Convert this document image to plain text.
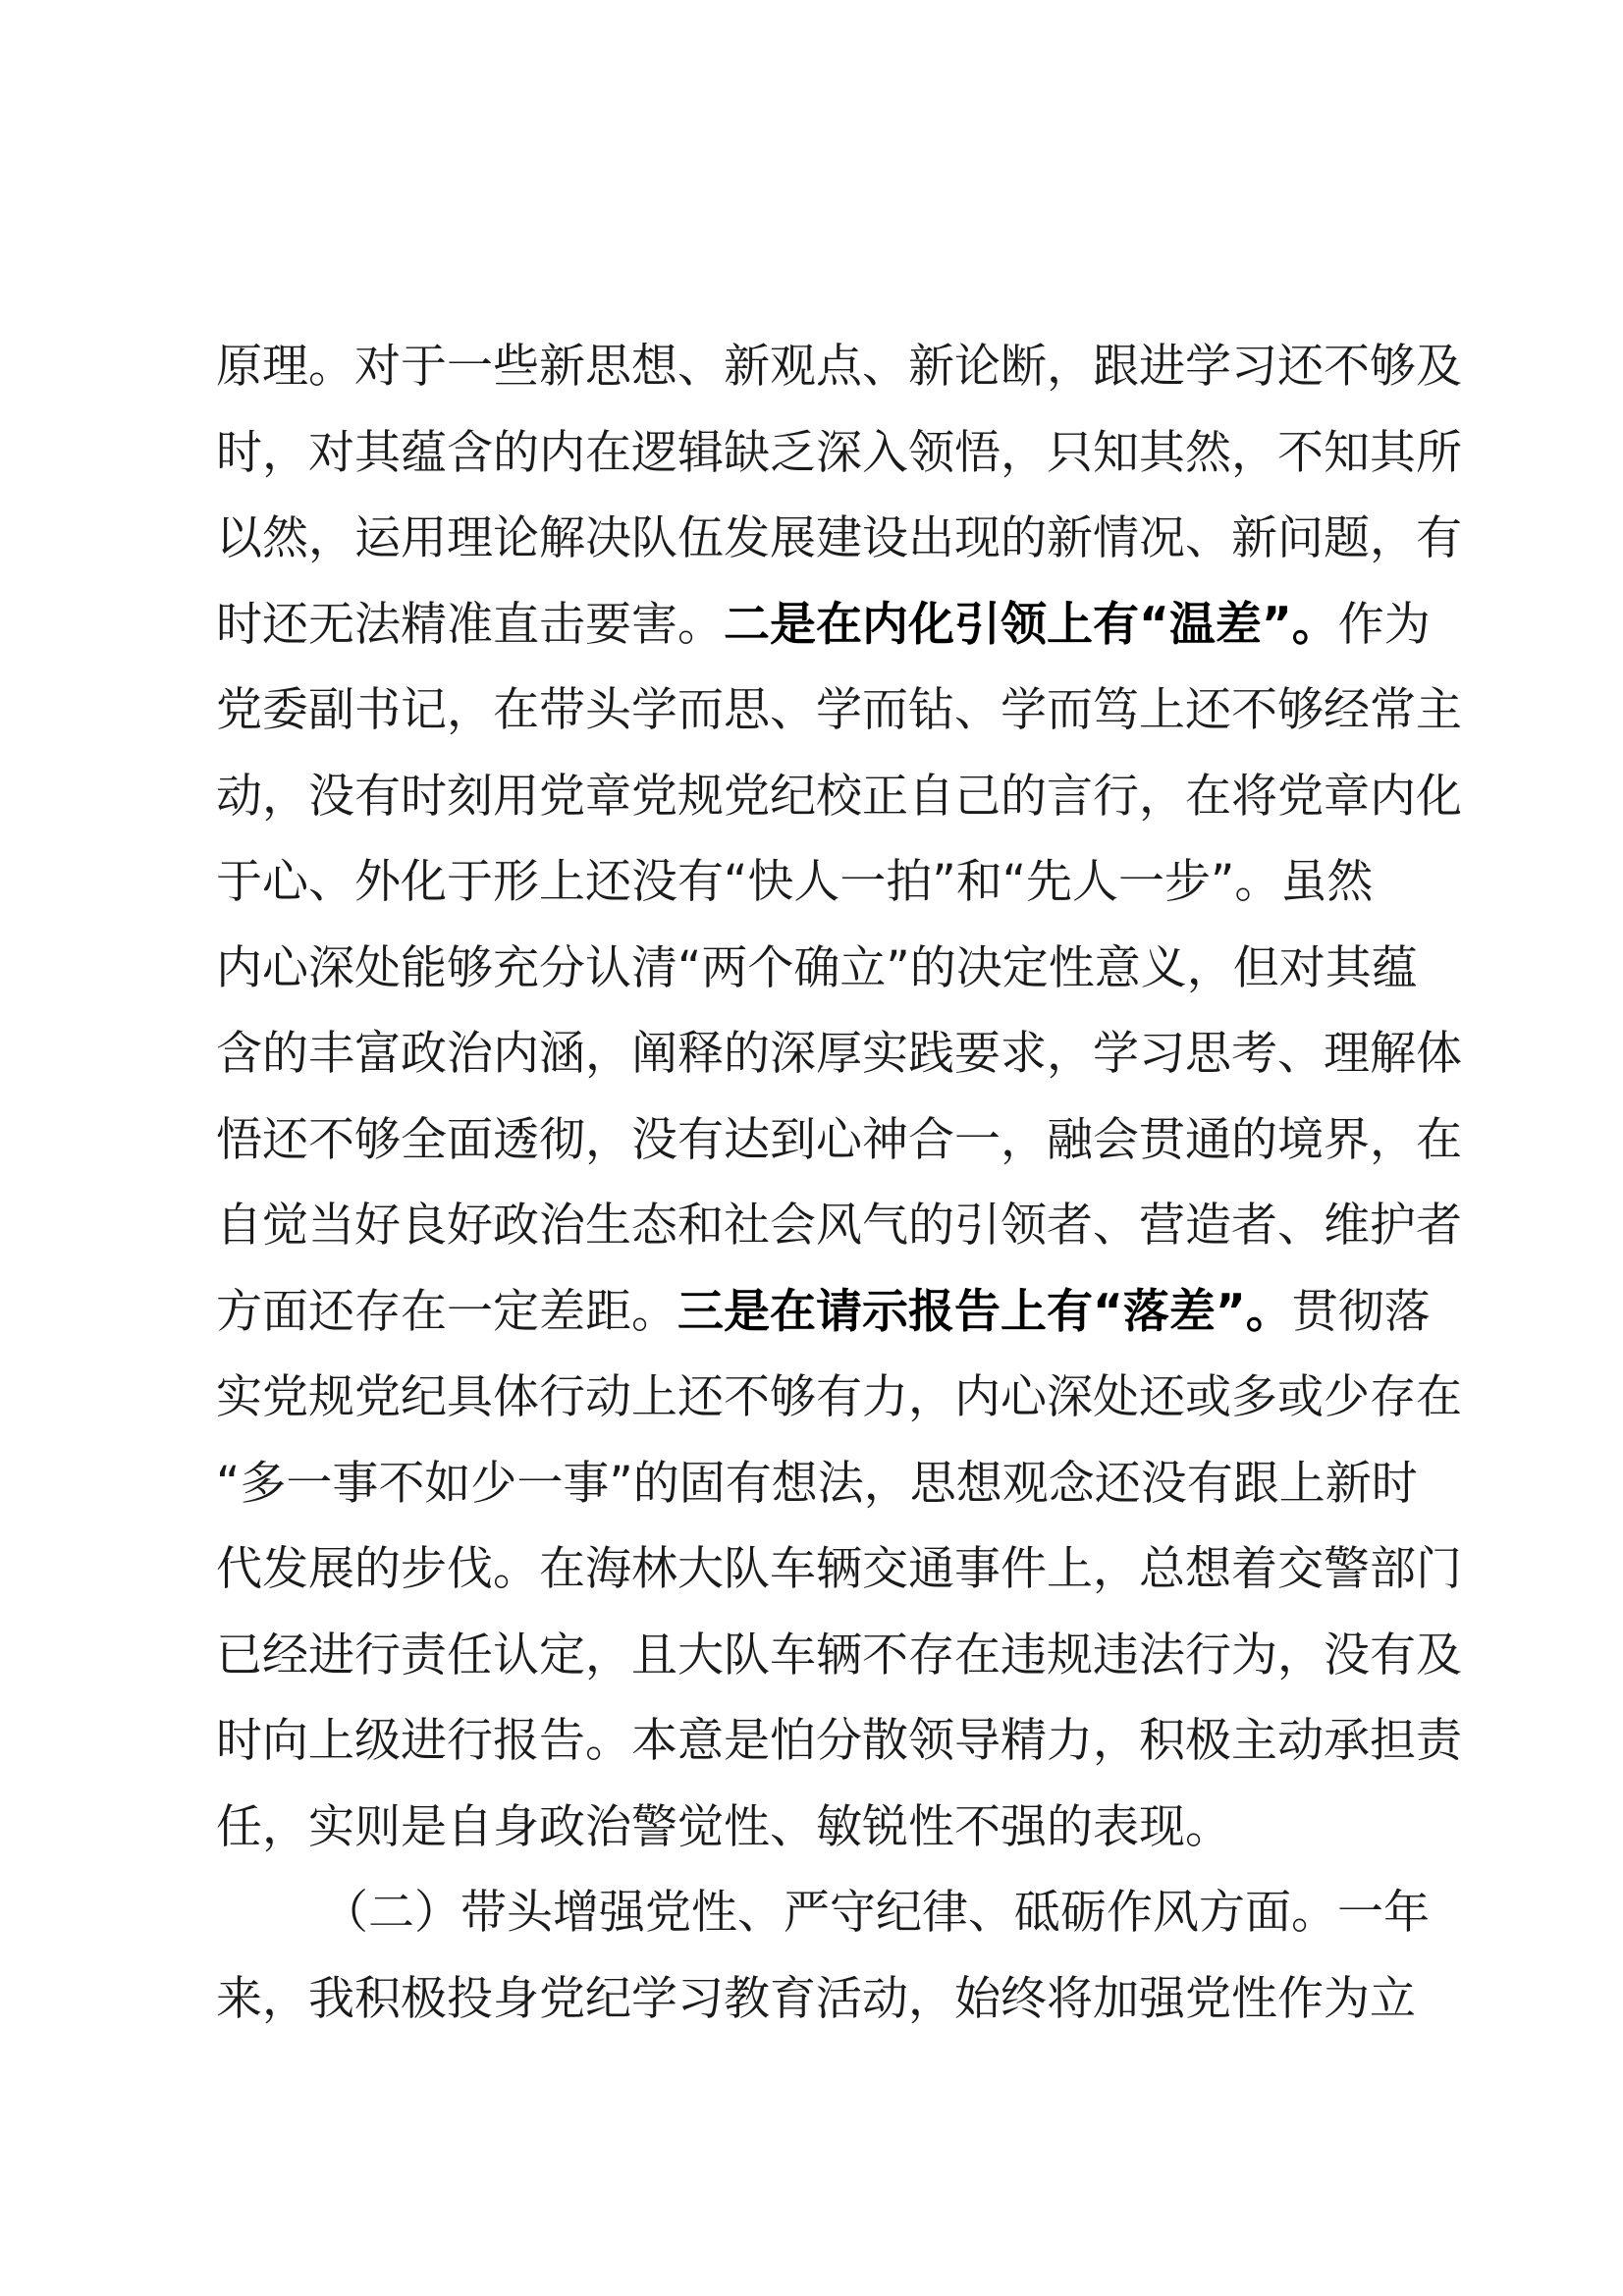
原理。对于一些新思想、新观点、新论断，跟进学习还不够及
时，对其蕴含的内在逻辑缺乏深入领悟，只知其然，不知其所
以然，运用理论解决队伍发展建设出现的新情况、新问题，有
时还无法精准直击要害。二是在内化引领上有“温差”。作为
党委副书记，在带头学而思、学而钻、学而笃上还不够经常主
动，没有时刻用党章党规党纪校正自己的言行，在将党章内化
于心、外化于形上还没有“快人一拍”和“先人一步”。虽然
内心深处能够充分认清“两个确立”的决定性意义，但对其蕴
含的丰富政治内涵，阐释的深厚实践要求，学习思考、理解体
悟还不够全面透彻，没有达到心神合一，融会贯通的境界，在
自觉当好良好政治生态和社会风气的引领者、营造者、维护者
方面还存在一定差距。三是在请示报告上有“落差”。贯彻落
实党规党纪具体行动上还不够有力，内心深处还或多或少存在
“多一事不如少一事”的固有想法，思想观念还没有跟上新时
代发展的步伐。在海林大队车辆交通事件上，总想着交警部门
已经进行责任认定，且大队车辆不存在违规违法行为，没有及
时向上级进行报告。本意是怕分散领导精力，积极主动承担责
任，实则是自身政治警觉性、敏锐性不强的表现。
（二）带头增强党性、严守纪律、砥砺作风方面。一年
来，我积极投身党纪学习教育活动，始终将加强党性作为立
